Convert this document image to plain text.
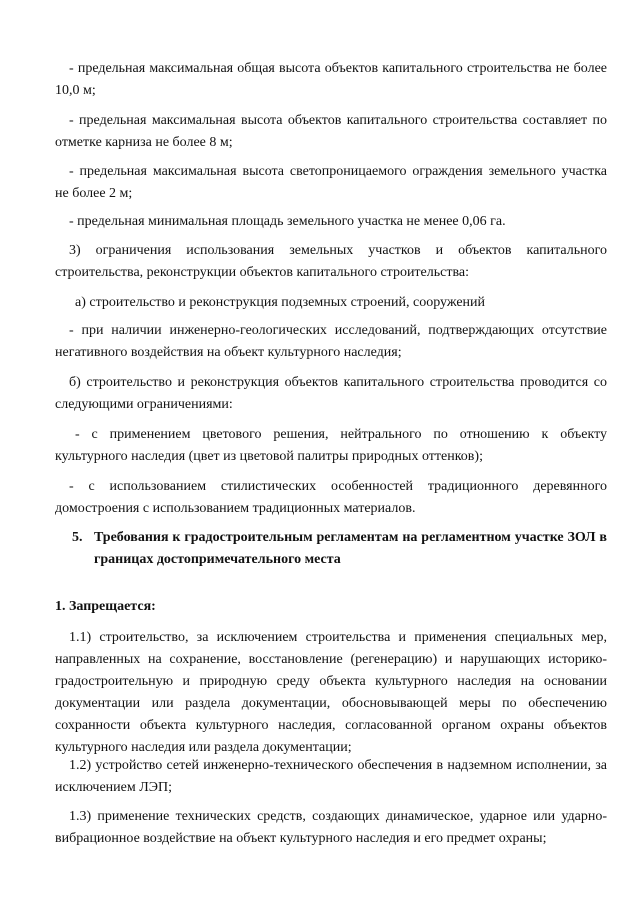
- предельная максимальная общая высота объектов капитального строительства не более 10,0 м;

- предельная максимальная высота объектов капитального строительства составляет по отметке карниза не более 8 м;

- предельная максимальная высота светопроницаемого ограждения земельного участка не более 2 м;

- предельная минимальная площадь земельного участка не менее 0,06 га.

3) ограничения использования земельных участков и объектов капитального строительства, реконструкции объектов капитального строительства:

а) строительство и реконструкция подземных строений, сооружений

- при наличии инженерно-геологических исследований, подтверждающих отсутствие негативного воздействия на объект культурного наследия;

б) строительство и реконструкция объектов капитального строительства проводится со следующими ограничениями:

- с применением цветового решения, нейтрального по отношению к объекту культурного наследия (цвет из цветовой палитры природных оттенков);

- с использованием стилистических особенностей традиционного деревянного домостроения с использованием традиционных материалов.

5. Требования к градостроительным регламентам на регламентном участке ЗОЛ в границах достопримечательного места
1. Запрещается:

1.1) строительство, за исключением строительства и применения специальных мер, направленных на сохранение, восстановление (регенерацию) и нарушающих историко-градостроительную и природную среду объекта культурного наследия на основании документации или раздела документации, обосновывающей меры по обеспечению сохранности объекта культурного наследия, согласованной органом охраны объектов культурного наследия или раздела документации;

1.2) устройство сетей инженерно-технического обеспечения в надземном исполнении, за исключением ЛЭП;

1.3) применение технических средств, создающих динамическое, ударное или ударно-вибрационное воздействие на объект культурного наследия и его предмет охраны;
